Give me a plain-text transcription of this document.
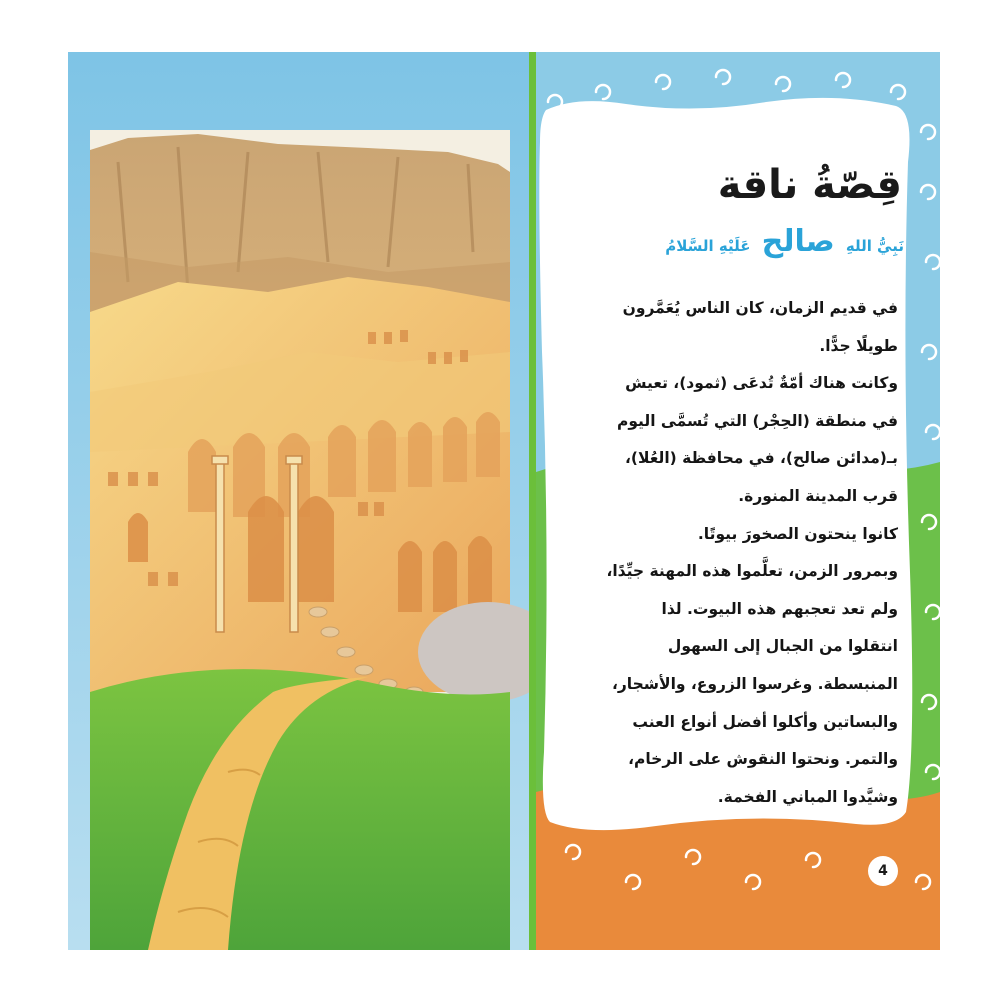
قِصّةُ ناقة
نَبِيُّ اللهِ صالح عَلَيْهِ السَّلامُ
في قديم الزمان، كان الناس يُعَمَّرون
طويلًا جدًّا.
وكانت هناك أمّةٌ تُدعَى (ثمود)، تعيش
في منطقة (الحِجْر) التي تُسمَّى اليوم
بـ(مدائن صالح)، في محافظة (العُلا)،
قرب المدينة المنورة.
كانوا ينحتون الصخورَ بيوتًا.
وبمرور الزمن، تعلَّموا هذه المهنة جيِّدًا،
ولم تعد تعجبهم هذه البيوت. لذا
انتقلوا من الجبال إلى السهول
المنبسطة. وغرسوا الزروع، والأشجار،
والبساتين وأكلوا أفضل أنواع العنب
والتمر. ونحتوا النقوش على الرخام،
وشيَّدوا المباني الفخمة.
4
